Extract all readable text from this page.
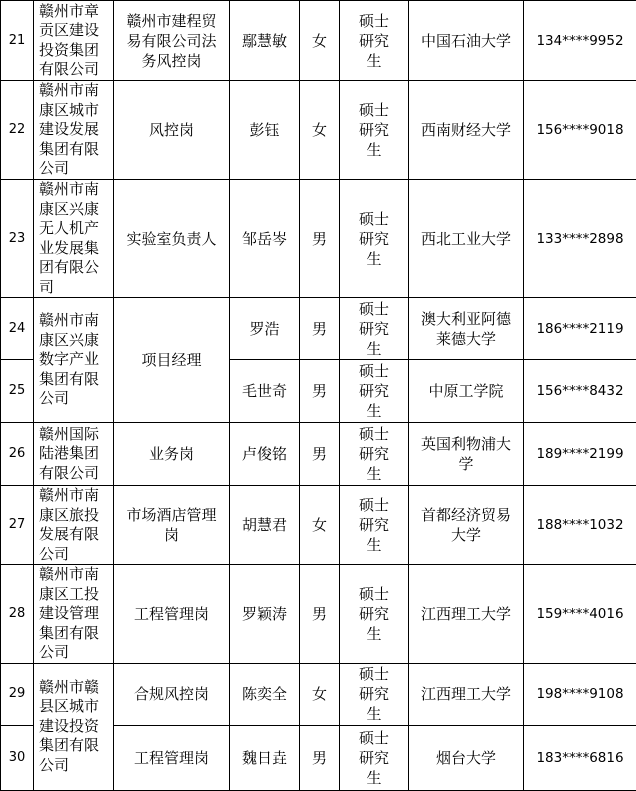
21	赣州市章贡区建设投资集团有限公司	赣州市建程贸易有限公司法务风控岗	鄢慧敏	女	硕士研究生	中国石油大学	134****9952
22	赣州市南康区城市建设发展集团有限公司	风控岗	彭钰	女	硕士研究生	西南财经大学	156****9018
23	赣州市南康区兴康无人机产业发展集团有限公司	实验室负责人	邹岳岑	男	硕士研究生	西北工业大学	133****2898
24	赣州市南康区兴康数字产业集团有限公司	项目经理	罗浩	男	硕士研究生	澳大利亚阿德莱德大学	186****2119
25			毛世奇	男	硕士研究生	中原工学院	156****8432
26	赣州国际陆港集团有限公司	业务岗	卢俊铭	男	硕士研究生	英国利物浦大学	189****2199
27	赣州市南康区旅投发展有限公司	市场酒店管理岗	胡慧君	女	硕士研究生	首都经济贸易大学	188****1032
28	赣州市南康区工投建设管理集团有限公司	工程管理岗	罗颖涛	男	硕士研究生	江西理工大学	159****4016
29	赣州市赣县区城市建设投资集团有限公司	合规风控岗	陈奕全	女	硕士研究生	江西理工大学	198****9108
30		工程管理岗	魏日垚	男	硕士研究生	烟台大学	183****6816
